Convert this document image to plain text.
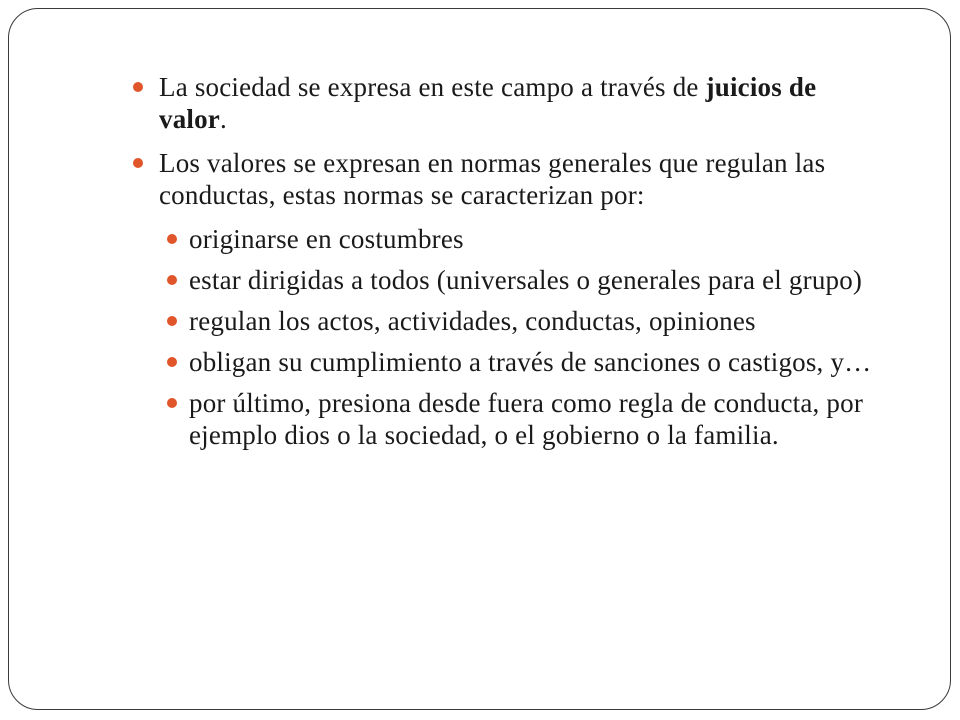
La sociedad se expresa en este campo a través de juicios de valor.
Los valores se expresan en normas generales que regulan las conductas, estas normas se caracterizan por:
originarse en costumbres
estar dirigidas a todos (universales o generales para el grupo)
regulan los actos, actividades, conductas, opiniones
obligan su cumplimiento a través de sanciones o castigos, y…
por último, presiona desde fuera como regla de conducta, por ejemplo dios o la sociedad, o el gobierno o la familia.
